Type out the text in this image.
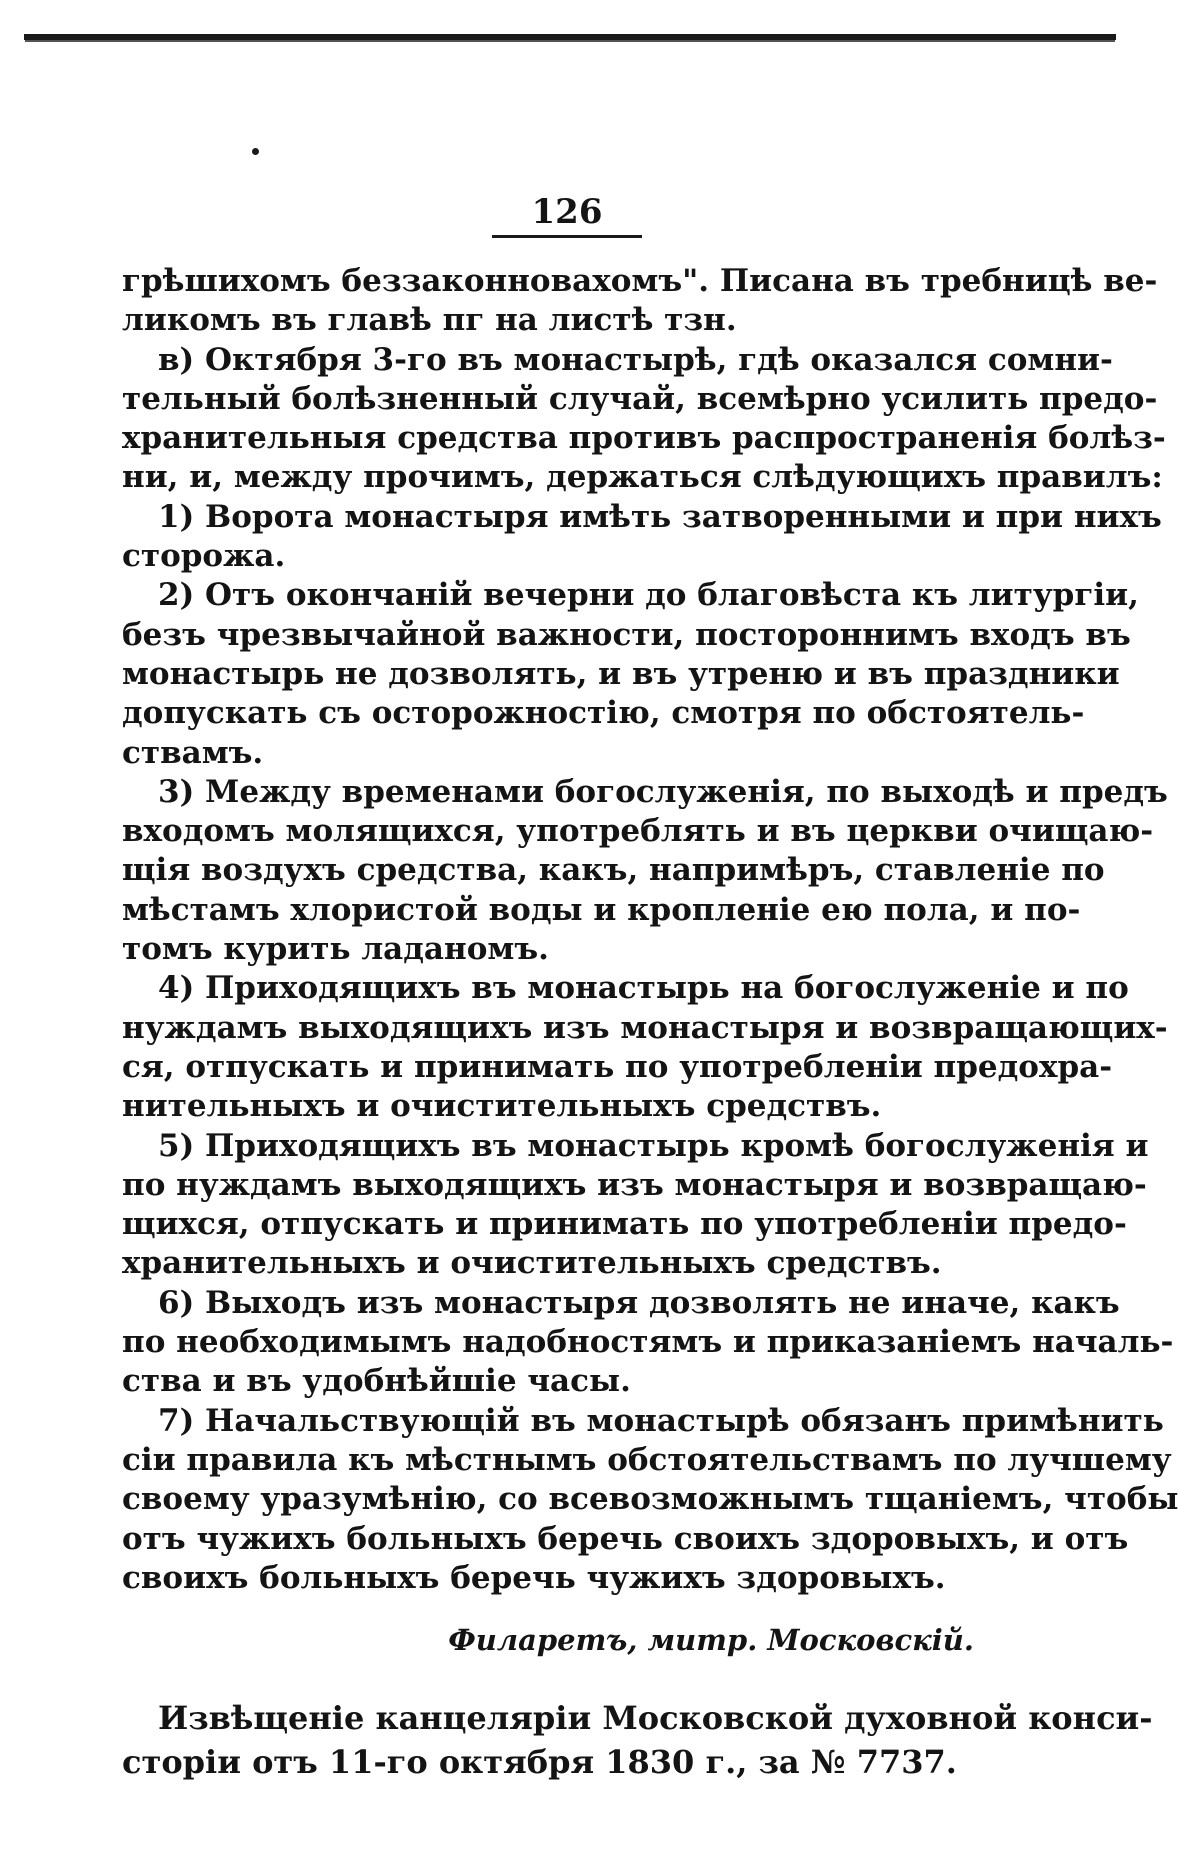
126
грѣшихомъ беззаконновахомъ". Писана въ требницѣ ве-
ликомъ въ главѣ пг на листѣ тзн.
в) Октября 3-го въ монастырѣ, гдѣ оказался сомни-
тельный болѣзненный случай, всемѣрно усилить предо-
хранительныя средства противъ распространенія болѣз-
ни, и, между прочимъ, держаться слѣдующихъ правилъ:
1) Ворота монастыря имѣть затворенными и при нихъ
сторожа.
2) Отъ окончаній вечерни до благовѣста къ литургіи,
безъ чрезвычайной важности, постороннимъ входъ въ
монастырь не дозволять, и въ утреню и въ праздники
допускать съ осторожностію, смотря по обстоятель-
ствамъ.
3) Между временами богослуженія, по выходѣ и предъ
входомъ молящихся, употреблять и въ церкви очищаю-
щія воздухъ средства, какъ, напримѣръ, ставленіе по
мѣстамъ хлористой воды и кропленіе ею пола, и по-
томъ курить ладаномъ.
4) Приходящихъ въ монастырь на богослуженіе и по
нуждамъ выходящихъ изъ монастыря и возвращающих-
ся, отпускать и принимать по употребленіи предохра-
нительныхъ и очистительныхъ средствъ.
5) Приходящихъ въ монастырь кромѣ богослуженія и
по нуждамъ выходящихъ изъ монастыря и возвращаю-
щихся, отпускать и принимать по употребленіи предо-
хранительныхъ и очистительныхъ средствъ.
6) Выходъ изъ монастыря дозволять не иначе, какъ
по необходимымъ надобностямъ и приказаніемъ началь-
ства и въ удобнѣйшіе часы.
7) Начальствующій въ монастырѣ обязанъ примѣнить
сіи правила къ мѣстнымъ обстоятельствамъ по лучшему
своему уразумѣнію, со всевозможнымъ тщаніемъ, чтобы
отъ чужихъ больныхъ беречь своихъ здоровыхъ, и отъ
своихъ больныхъ беречь чужихъ здоровыхъ.
Филаретъ, митр. Московскій.
Извѣщеніе канцеляріи Московской духовной конси-
сторіи отъ 11-го октября 1830 г., за № 7737.
